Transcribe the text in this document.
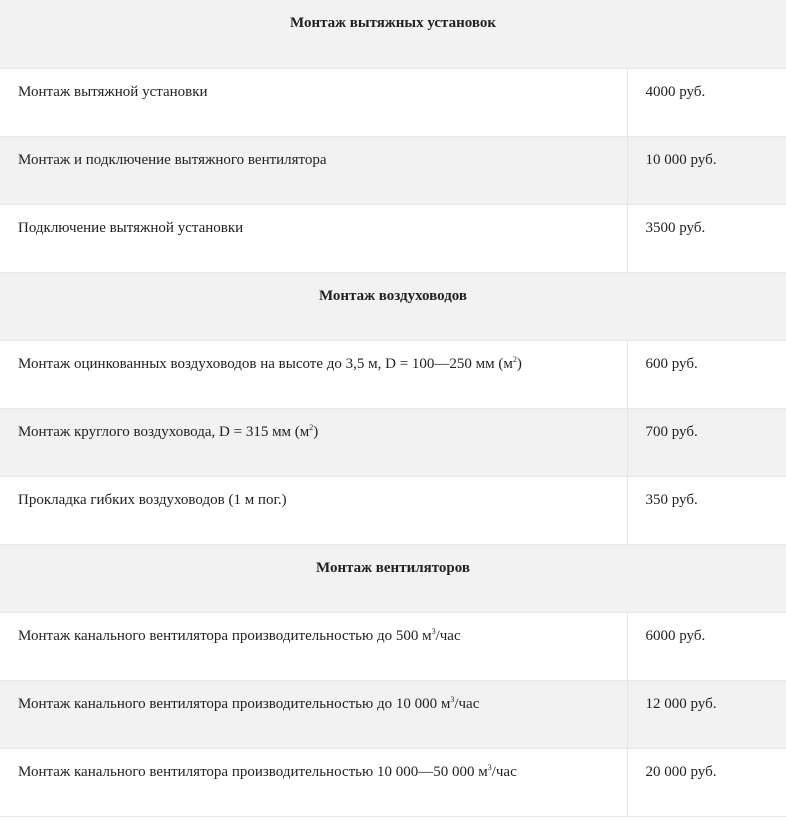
Монтаж вытяжных установок	
Монтаж вытяжной установки	4000 руб.
Монтаж и подключение вытяжного вентилятора	10 000 руб.
Подключение вытяжной установки	3500 руб.
Монтаж воздуховодов	
Монтаж оцинкованных воздуховодов на высоте до 3,5 м, D = 100—250 мм $(м^2)$	600 руб.
Монтаж круглого воздуховода, D = 315 мм $(м^2)$	700 руб.
Прокладка гибких воздуховодов (1 м пог.)	350 руб.
Монтаж вентиляторов	
Монтаж канального вентилятора производительностью до 500 $м^3$/час	6000 руб.
Монтаж канального вентилятора производительностью до 10 000 $м^3$/час	12 000 руб.
Монтаж канального вентилятора производительностью 10 000—50 000 $м^3$/час	20 000 руб.
